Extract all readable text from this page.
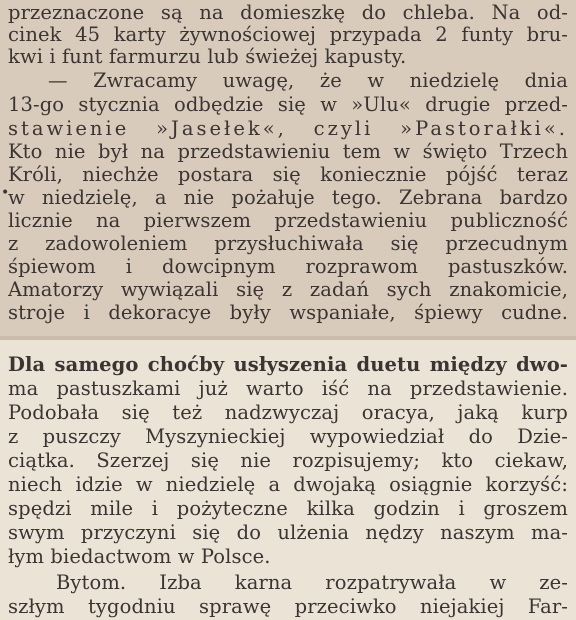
przeznaczone są na domieszkę do chleba. Na od-
cinek 45 karty żywnościowej przypada 2 funty bru-
kwi i funt farmurzu lub świeżej kapusty.
— Zwracamy uwagę, że w niedzielę dnia
13-go stycznia odbędzie się w »Ulu« drugie przed-
stawienie »Jasełek«, czyli »Pastorałki«.
Kto nie był na przedstawieniu tem w święto Trzech
Króli, niechże postara się koniecznie pójść teraz
w niedzielę, a nie pożałuje tego. Zebrana bardzo
licznie na pierwszem przedstawieniu publiczność
z zadowoleniem przysłuchiwała się przecudnym
śpiewom i dowcipnym rozprawom pastuszków.
Amatorzy wywiązali się z zadań sych znakomicie,
stroje i dekoracye były wspaniałe, śpiewy cudne.
•
Dla samego choćby usłyszenia duetu między dwo-
ma pastuszkami już warto iść na przedstawienie.
Podobała się też nadzwyczaj oracya, jaką kurp
z puszczy Myszynieckiej wypowiedział do Dzie-
ciątka. Szerzej się nie rozpisujemy; kto ciekaw,
niech idzie w niedzielę a dwojaką osiągnie korzyść:
spędzi mile i pożyteczne kilka godzin i groszem
swym przyczyni się do ulżenia nędzy naszym ma-
łym biedactwom w Polsce.
Bytom. Izba karna rozpatrywała w ze-
szłym tygodniu sprawę przeciwko niejakiej Far-
